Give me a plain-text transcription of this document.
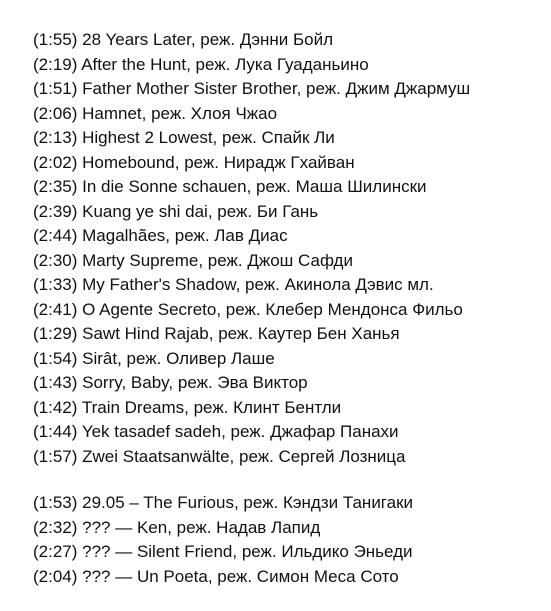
(1:55) 28 Years Later, реж. Дэнни Бойл
(2:19) After the Hunt, реж. Лука Гуаданьино
(1:51) Father Mother Sister Brother, реж. Джим Джармуш
(2:06) Hamnet, реж. Хлоя Чжао
(2:13) Highest 2 Lowest, реж. Спайк Ли
(2:02) Homebound, реж. Нирадж Гхайван
(2:35) In die Sonne schauen, реж. Маша Шилински
(2:39) Kuang ye shi dai, реж. Би Гань
(2:44) Magalhães, реж. Лав Диас
(2:30) Marty Supreme, реж. Джош Сафди
(1:33) My Father's Shadow, реж. Акинола Дэвис мл.
(2:41) O Agente Secreto, реж. Клебер Мендонса Фильо
(1:29) Sawt Hind Rajab, реж. Каутер Бен Ханья
(1:54) Sirât, реж. Оливер Лаше
(1:43) Sorry, Baby, реж. Эва Виктор
(1:42) Train Dreams, реж. Клинт Бентли
(1:44) Yek tasadef sadeh, реж. Джафар Панахи
(1:57) Zwei Staatsanwälte, реж. Сергей Лозница
(1:53) 29.05 – The Furious, реж. Кэндзи Танигаки
(2:32) ??? — Ken, реж. Надав Лапид
(2:27) ??? — Silent Friend, реж. Ильдико Эньеди
(2:04) ??? — Un Poeta, реж. Симон Меса Сото
